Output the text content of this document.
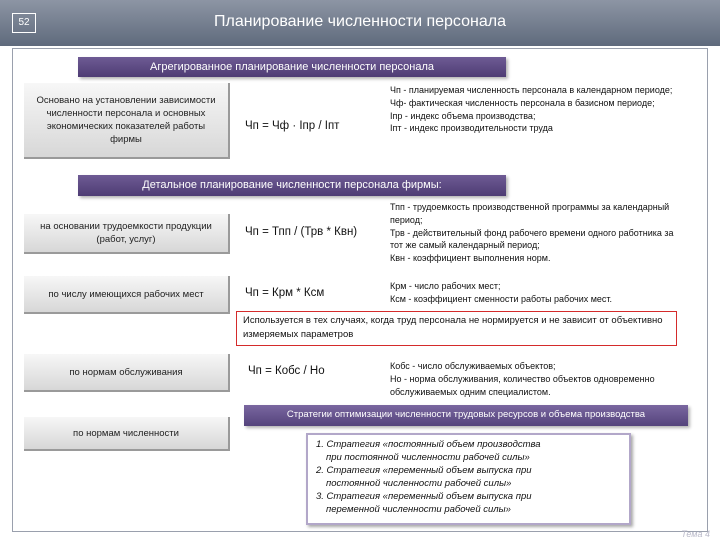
52	Планирование численности персонала
Агрегированное планирование численности персонала
Основано на установлении зависимости численности персонала и основных экономических показателей работы фирмы
Чп = Чф · Iпр / Iпт
Чп - планируемая численность персонала в календарном периоде;
Чф- фактическая численность персонала в базисном периоде;
Iпр - индекс объема производства;
Iпт - индекс производительности труда
Детальное планирование численности персонала фирмы:
на основании трудоемкости продукции (работ, услуг)
Чп = Тпп / (Трв * Квн)
Тпп - трудоемкость производственной программы за календарный период;
Трв - действительный фонд рабочего времени одного работника за тот же самый календарный период;
Квн - коэффициент выполнения норм.
по числу имеющихся рабочих мест	Чп = Крм * Ксм
Крм - число рабочих мест;
Ксм - коэффициент сменности работы рабочих мест.
Используется в тех случаях, когда труд персонала не нормируется и не зависит от объективно измеряемых параметров
по нормам обслуживания	Чп = Кобс / Но	Кобс - число обслуживаемых объектов;
Но - норма обслуживания, количество объектов одновременно обслуживаемых одним специалистом.
по нормам численности
Стратегии оптимизации численности трудовых ресурсов и объема производства
1. Стратегия «постоянный объем производства
при постоянной численности рабочей силы»
2. Стратегия «переменный объем выпуска при
постоянной численности рабочей силы»
3. Стратегия «переменный объем выпуска при
переменной численности рабочей силы»
Тема 4
